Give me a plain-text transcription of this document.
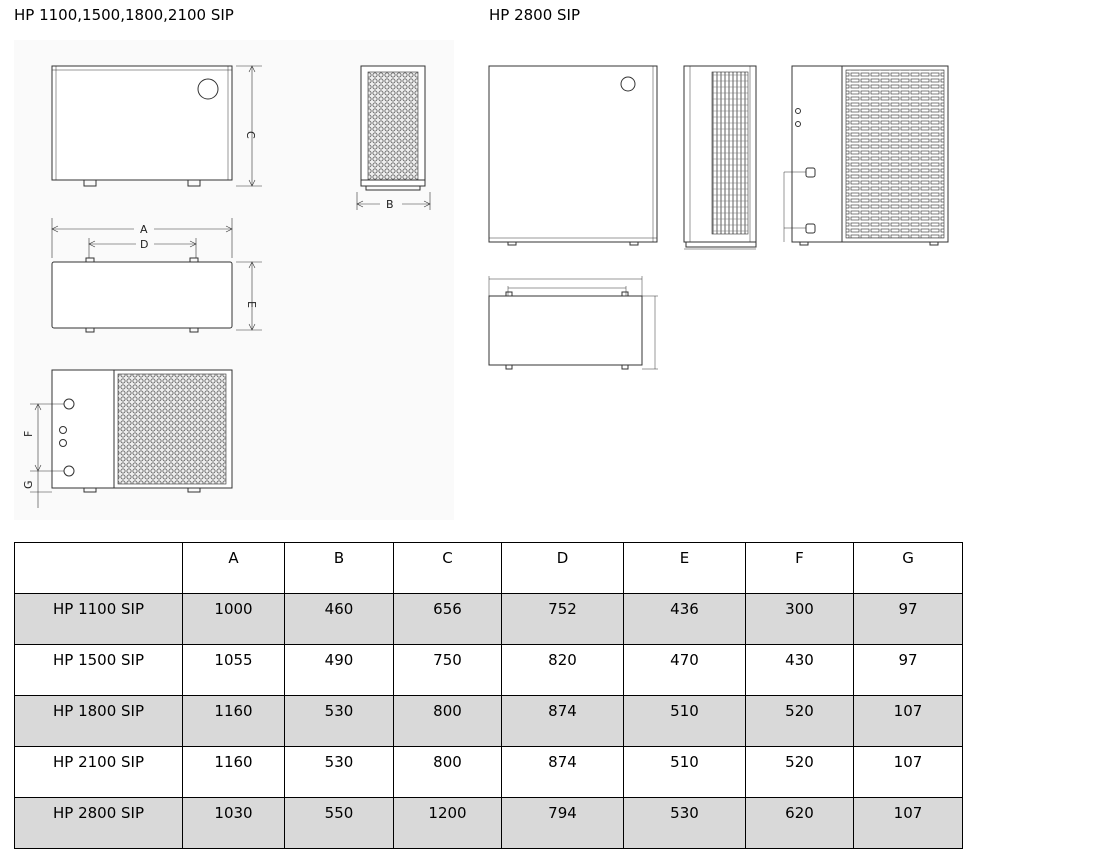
HP 1100,1500,1800,2100 SIP	HP 2800 SIP
C
B
A
D
E
F
G
	A	B	C	D	E	F	G
HP 1100 SIP	1000	460	656	752	436	300	97
HP 1500 SIP	1055	490	750	820	470	430	97
HP 1800 SIP	1160	530	800	874	510	520	107
HP 2100 SIP	1160	530	800	874	510	520	107
HP 2800 SIP	1030	550	1200	794	530	620	107
